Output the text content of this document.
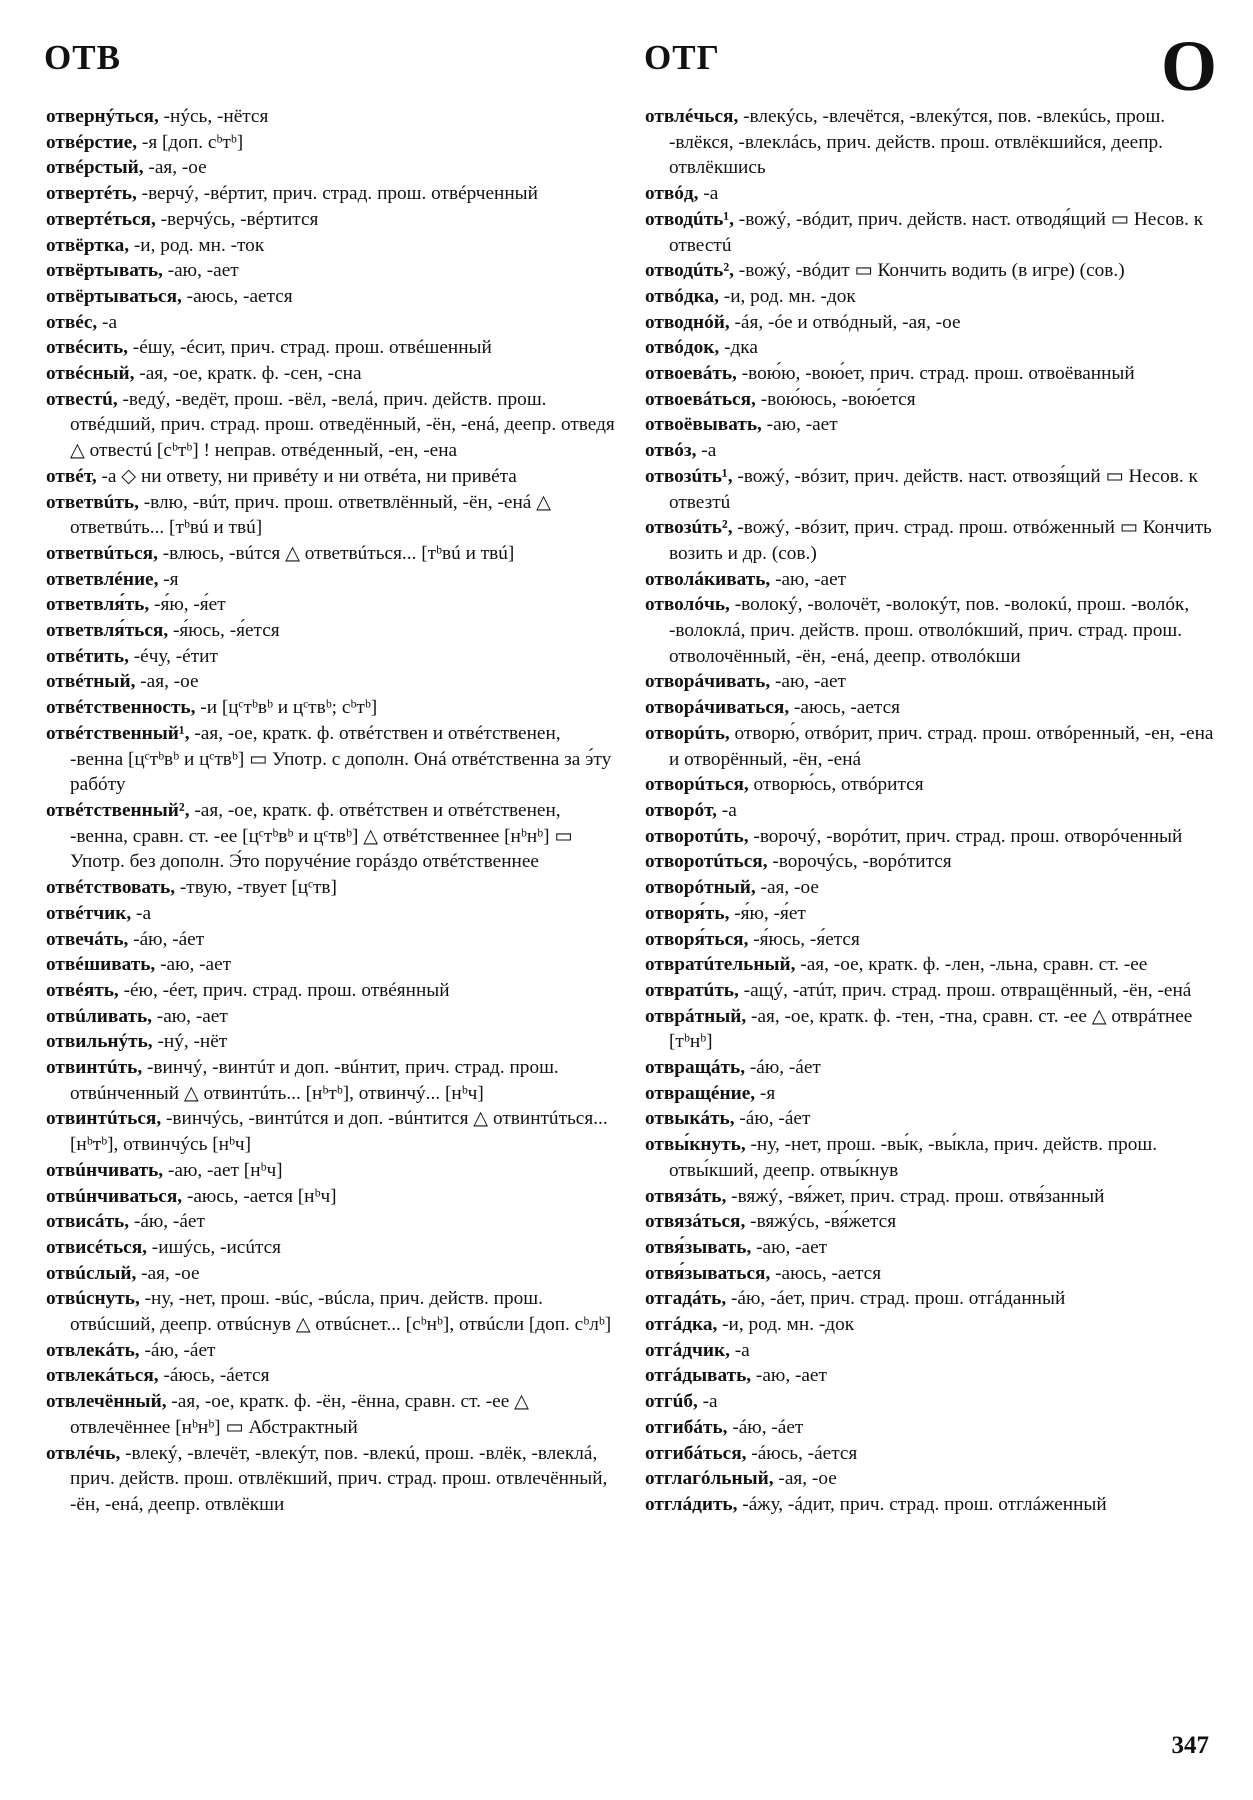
ОТВ	ОТГ	О

отвернýться, -нýсь, -нётся

отвéрстие, -я [доп. сᵇтᵇ]

отвéрстый, -ая, -ое

отвертéть, -верчý, -вéртит, прич. страд. прош. отвéрченный

отвертéться, -верчýсь, -вéртится

отвёртка, -и, род. мн. -ток

отвёртывать, -аю, -ает

отвёртываться, -аюсь, -ается

отвéс, -а

отвéсить, -éшу, -éсит, прич. страд. прош. отвéшенный

отвéсный, -ая, -ое, кратк. ф. -сен, -сна

отвестú, -ведý, -ведёт, прош. -вёл, -велá, прич. действ. прош. отвéдший, прич. страд. прош. отведённый, -ён, -енá, деепр. отведя △ отвестú [сᵇтᵇ] ! неправ. отвéденный, -ен, -ена

отвéт, -а ◇ ни ответу, ни привéту и ни отвéта, ни привéта

ответвúть, -влю, -вúт, прич. прош. ответвлённый, -ён, -енá △ ответвúть... [тᵇвú и твú]

ответвúться, -влюсь, -вúтся △ ответвúться... [тᵇвú и твú]

ответвлéние, -я

ответвля́ть, -я́ю, -я́ет

ответвля́ться, -я́юсь, -я́ется

отвéтить, -éчу, -éтит

отвéтный, -ая, -ое

отвéтственность, -и [цᶜтᵇвᵇ и цᶜтвᵇ; сᵇтᵇ]

отвéтственный¹, -ая, -ое, кратк. ф. отвéтствен и отвéтственен, -венна [цᶜтᵇвᵇ и цᶜтвᵇ] ▭ Употр. с дополн. Онá отвéтственна за э́ту рабóту

отвéтственный², -ая, -ое, кратк. ф. отвéтствен и отвéтственен, -венна, сравн. ст. -ее [цᶜтᵇвᵇ и цᶜтвᵇ] △ отвéтственнее [нᵇнᵇ] ▭ Употр. без дополн. Э́то поручéние горáздо отвéтственнее

отвéтствовать, -твую, -твует [цᶜтв]

отвéтчик, -а

отвечáть, -áю, -áет

отвéшивать, -аю, -ает

отвéять, -éю, -éет, прич. страд. прош. отвéянный

отвúливать, -аю, -ает

отвильнýть, -нý, -нёт

отвинтúть, -винчý, -винтúт и доп. -вúнтит, прич. страд. прош. отвúнченный △ отвинтúть... [нᵇтᵇ], отвинчý... [нᵇч]

отвинтúться, -винчýсь, -винтúтся и доп. -вúнтится △ отвинтúться... [нᵇтᵇ], отвинчýсь [нᵇч]

отвúнчивать, -аю, -ает [нᵇч]

отвúнчиваться, -аюсь, -ается [нᵇч]

отвисáть, -áю, -áет

отвисéться, -ишýсь, -исúтся

отвúслый, -ая, -ое

отвúснуть, -ну, -нет, прош. -вúс, -вúсла, прич. действ. прош. отвúсший, деепр. отвúснув △ отвúснет... [сᵇнᵇ], отвúсли [доп. сᵇлᵇ]

отвлекáть, -áю, -áет

отвлекáться, -áюсь, -áется

отвлечённый, -ая, -ое, кратк. ф. -ён, -ённа, сравн. ст. -ее △ отвлечённее [нᵇнᵇ] ▭ Абстрактный

отвлéчь, -влекý, -влечёт, -влекýт, пов. -влекú, прош. -влёк, -влеклá, прич. действ. прош. отвлёкший, прич. страд. прош. отвлечённый, -ён, -енá, деепр. отвлёкши

отвлéчься, -влекýсь, -влечётся, -влекýтся, пов. -влекúсь, прош. -влёкся, -влеклáсь, прич. действ. прош. отвлёкшийся, деепр. отвлёкшись

отвóд, -а

отводúть¹, -вожý, -вóдит, прич. действ. наст. отводя́щий ▭ Несов. к отвестú

отводúть², -вожý, -вóдит ▭ Кончить водить (в игре) (сов.)

отвóдка, -и, род. мн. -док

отводнóй, -áя, -óе и отвóдный, -ая, -ое

отвóдок, -дка

отвоевáть, -вою́ю, -вою́ет, прич. страд. прош. отвоёванный

отвоевáться, -вою́юсь, -вою́ется

отвоёвывать, -аю, -ает

отвóз, -а

отвозúть¹, -вожý, -вóзит, прич. действ. наст. отвозя́щий ▭ Несов. к отвезтú

отвозúть², -вожý, -вóзит, прич. страд. прош. отвóженный ▭ Кончить возить и др. (сов.)

отволáкивать, -аю, -ает

отволóчь, -волокý, -волочёт, -волокýт, пов. -волокú, прош. -волóк, -волоклá, прич. действ. прош. отволóкший, прич. страд. прош. отволочённый, -ён, -енá, деепр. отволóкши

отворáчивать, -аю, -ает

отворáчиваться, -аюсь, -ается

отворúть, отворю́, отвóрит, прич. страд. прош. отвóренный, -ен, -ена и отворённый, -ён, -енá

отворúться, отворю́сь, отвóрится

отворóт, -а

отворотúть, -ворочý, -ворóтит, прич. страд. прош. отворóченный

отворотúться, -ворочýсь, -ворóтится

отворóтный, -ая, -ое

отворя́ть, -я́ю, -я́ет

отворя́ться, -я́юсь, -я́ется

отвратúтельный, -ая, -ое, кратк. ф. -лен, -льна, сравн. ст. -ее

отвратúть, -ащý, -атúт, прич. страд. прош. отвращённый, -ён, -енá

отврáтный, -ая, -ое, кратк. ф. -тен, -тна, сравн. ст. -ее △ отврáтнее [тᵇнᵇ]

отвращáть, -áю, -áет

отвращéние, -я

отвыкáть, -áю, -áет

отвы́кнуть, -ну, -нет, прош. -вы́к, -вы́кла, прич. действ. прош. отвы́кший, деепр. отвы́кнув

отвязáть, -вяжý, -вя́жет, прич. страд. прош. отвя́занный

отвязáться, -вяжýсь, -вя́жется

отвя́зывать, -аю, -ает

отвя́зываться, -аюсь, -ается

отгадáть, -áю, -áет, прич. страд. прош. отгáданный

отгáдка, -и, род. мн. -док

отгáдчик, -а

отгáдывать, -аю, -ает

отгúб, -а

отгибáть, -áю, -áет

отгибáться, -áюсь, -áется

отглагóльный, -ая, -ое

отглáдить, -áжу, -áдит, прич. страд. прош. отглáженный

347
